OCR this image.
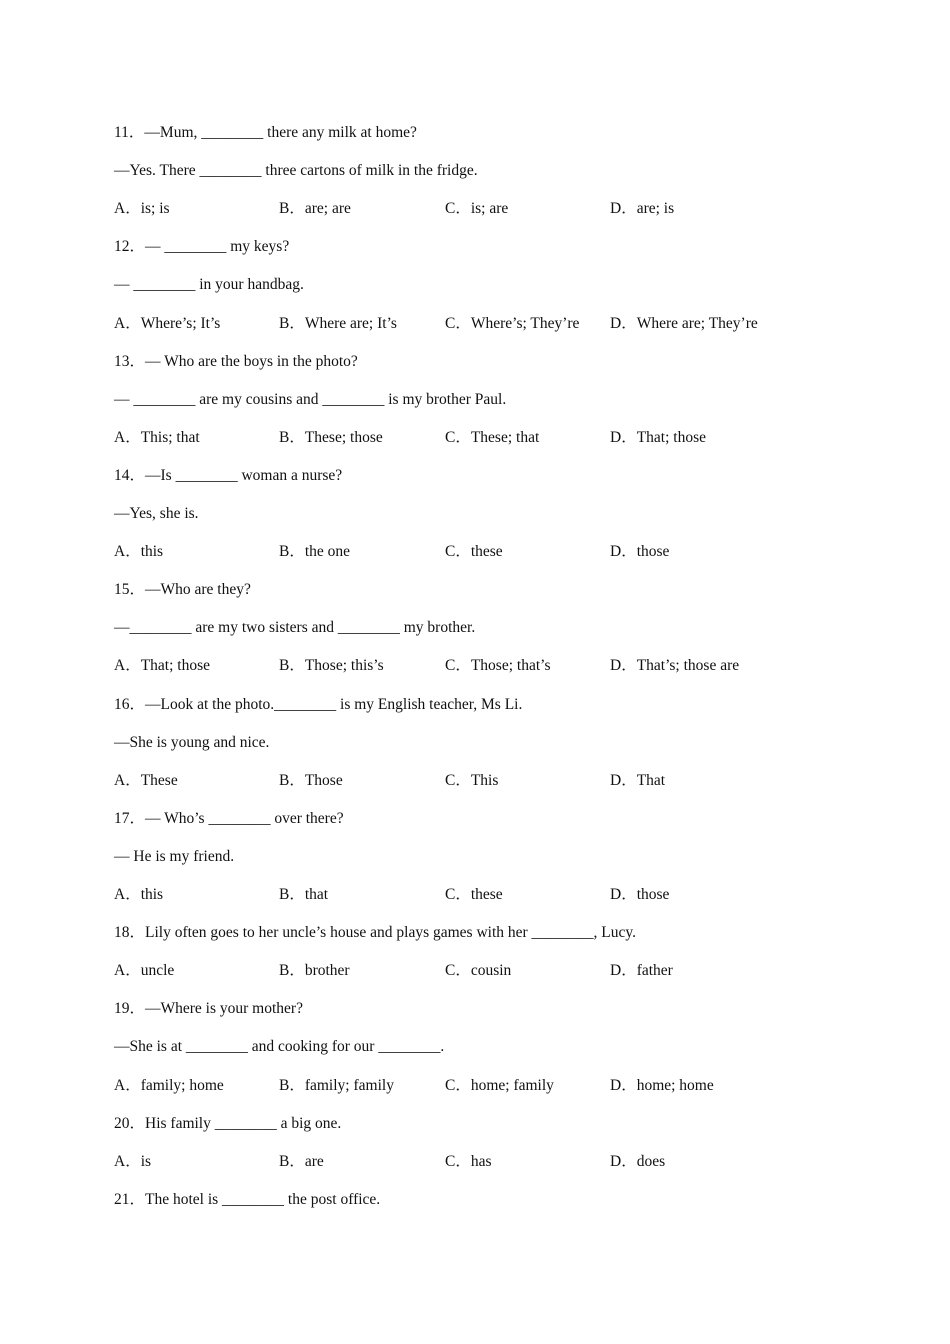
11．—Mum, ________ there any milk at home?
—Yes. There ________ three cartons of milk in the fridge.
A．is; is	B．are; are	C．is; are	D．are; is
12．— ________ my keys?
— ________ in your handbag.
A．Where’s; It’s	B．Where are; It’s	C．Where’s; They’re D．Where are; They’re
13．— Who are the boys in the photo?
— ________ are my cousins and ________ is my brother Paul.
A．This; that	B．These; those	C．These; that	D．That; those
14．—Is ________ woman a nurse?
—Yes, she is.
A．this	B．the one	C．these	D．those
15．—Who are they?
—________ are my two sisters and ________ my brother.
A．That; those	B．Those; this’s	C．Those; that’s	D．That’s; those are
16．—Look at the photo.________ is my English teacher, Ms Li.
—She is young and nice.
A．These	B．Those	C．This	D．That
17．— Who’s ________ over there?
— He is my friend.
A．this	B．that	C．these	D．those
18．Lily often goes to her uncle’s house and plays games with her ________, Lucy.
A．uncle	B．brother	C．cousin	D．father
19．—Where is your mother?
—She is at ________ and cooking for our ________.
A．family; home	B．family; family	C．home; family	D．home; home
20．His family ________ a big one.
A．is	B．are	C．has	D．does
21．The hotel is ________ the post office.
